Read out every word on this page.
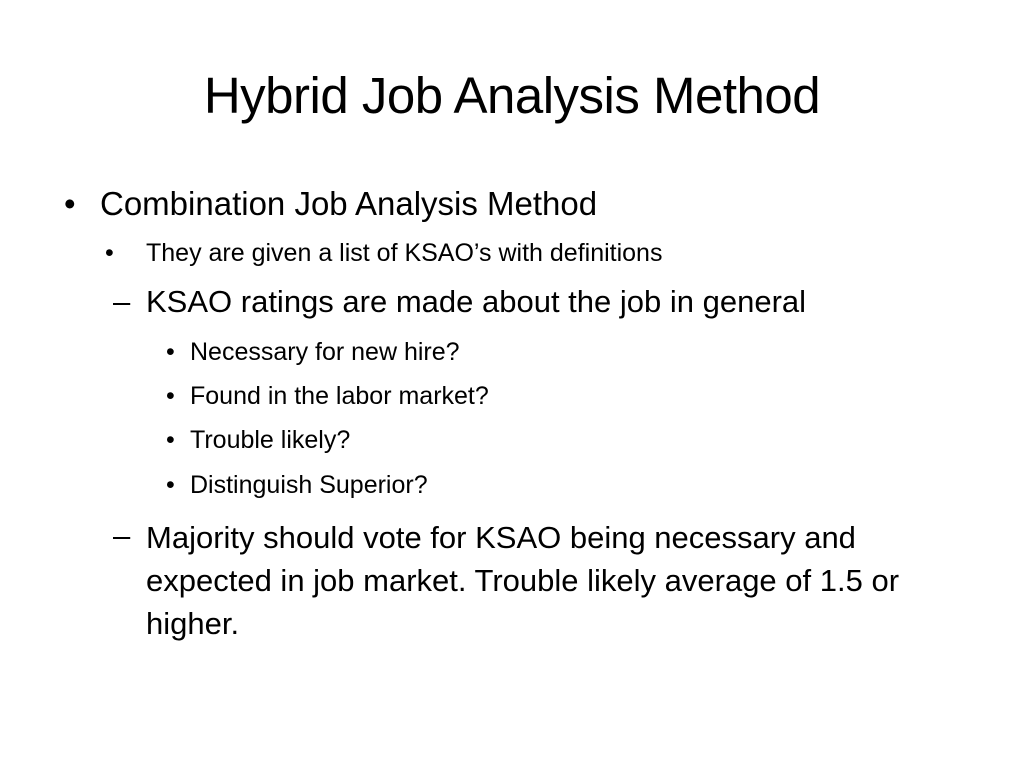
Hybrid Job Analysis Method
• Combination Job Analysis Method
• They are given a list of KSAO’s with definitions
– KSAO ratings are made about the job in general
• Necessary for new hire?
• Found in the labor market?
• Trouble likely?
• Distinguish Superior?
– Majority should vote for KSAO being necessary and expected in job market. Trouble likely average of 1.5 or higher.
